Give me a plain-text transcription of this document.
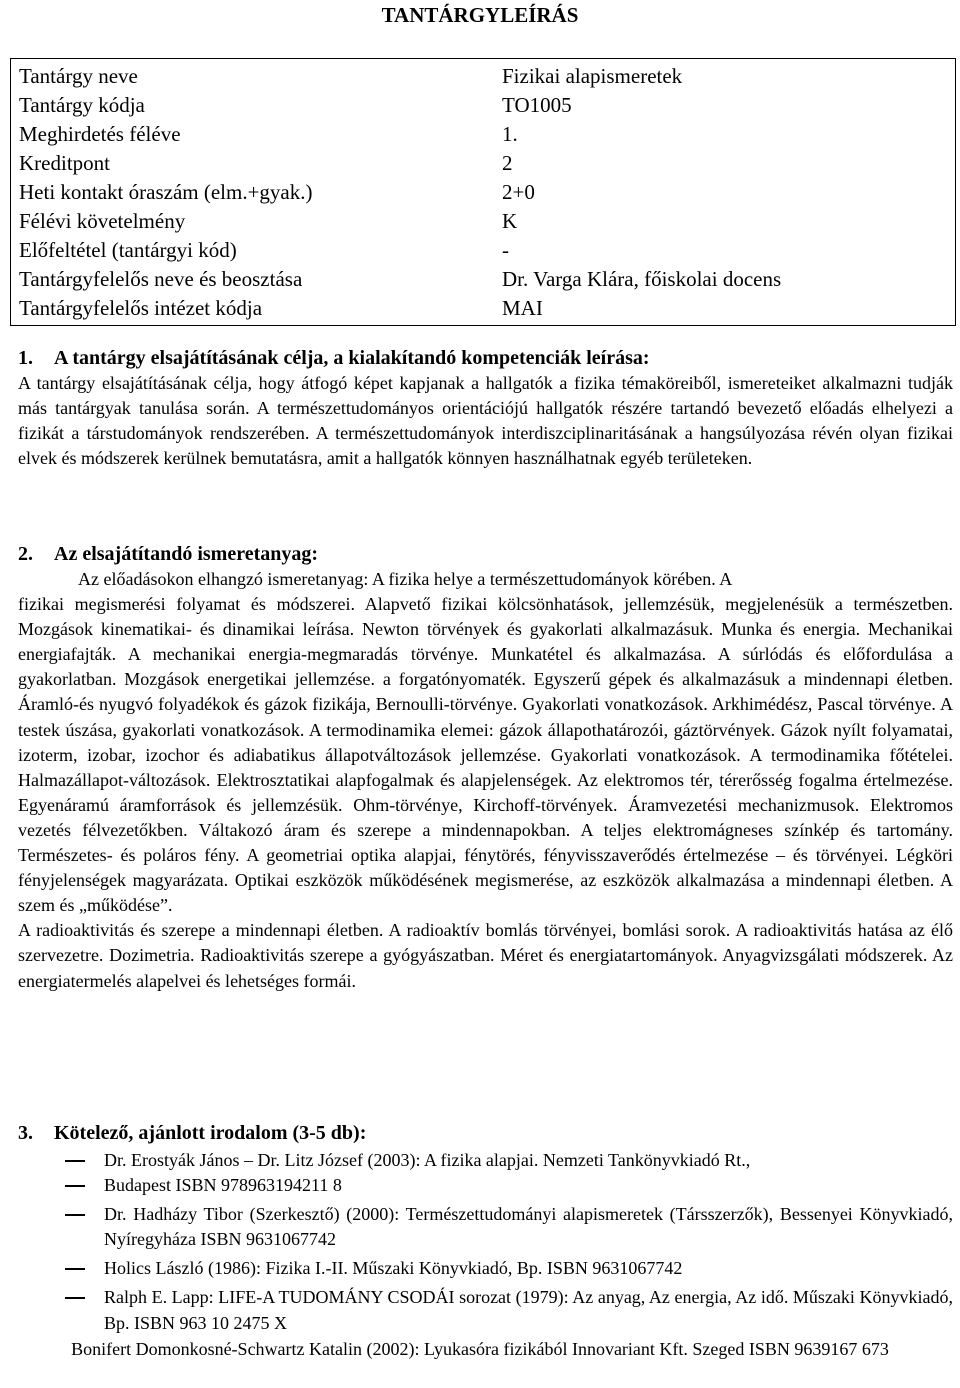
TANTÁRGYLEÍRÁS
Tantárgy neve	Fizikai alapismeretek
Tantárgy kódja	TO1005
Meghirdetés féléve	1.
Kreditpont	2
Heti kontakt óraszám (elm.+gyak.)	2+0
Félévi követelmény	K
Előfeltétel (tantárgyi kód)	-
Tantárgyfelelős neve és beosztása	Dr. Varga Klára, főiskolai docens
Tantárgyfelelős intézet kódja	MAI
1. A tantárgy elsajátításának célja, a kialakítandó kompetenciák leírása:

A tantárgy elsajátításának célja, hogy átfogó képet kapjanak a hallgatók a fizika témaköreiből, ismereteiket alkalmazni tudják más tantárgyak tanulása során. A természettudományos orientációjú hallgatók részére tartandó bevezető előadás elhelyezi a fizikát a társtudományok rendszerében. A természettudományok interdiszciplinaritásának a hangsúlyozása révén olyan fizikai elvek és módszerek kerülnek bemutatásra, amit a hallgatók könnyen használhatnak egyéb területeken.

2. Az elsajátítandó ismeretanyag:

Az előadásokon elhangzó ismeretanyag: A fizika helye a természettudományok körében. A

fizikai megismerési folyamat és módszerei. Alapvető fizikai kölcsönhatások, jellemzésük, megjelenésük a természetben. Mozgások kinematikai- és dinamikai leírása. Newton törvények és gyakorlati alkalmazásuk. Munka és energia. Mechanikai energiafajták. A mechanikai energia-megmaradás törvénye. Munkatétel és alkalmazása. A súrlódás és előfordulása a gyakorlatban. Mozgások energetikai jellemzése. a forgatónyomaték. Egyszerű gépek és alkalmazásuk a mindennapi életben. Áramló-és nyugvó folyadékok és gázok fizikája, Bernoulli-törvénye. Gyakorlati vonatkozások. Arkhimédész, Pascal törvénye. A testek úszása, gyakorlati vonatkozások. A termodinamika elemei: gázok állapothatározói, gáztörvények. Gázok nyílt folyamatai, izoterm, izobar, izochor és adiabatikus állapotváltozások jellemzése. Gyakorlati vonatkozások. A termodinamika főtételei. Halmazállapot-változások. Elektrosztatikai alapfogalmak és alapjelenségek. Az elektromos tér, térerősség fogalma értelmezése. Egyenáramú áramforrások és jellemzésük. Ohm-törvénye, Kirchoff-törvények. Áramvezetési mechanizmusok. Elektromos vezetés félvezetőkben. Váltakozó áram és szerepe a mindennapokban. A teljes elektromágneses színkép és tartomány. Természetes- és poláros fény. A geometriai optika alapjai, fénytörés, fényvisszaverődés értelmezése – és törvényei. Légköri fényjelenségek magyarázata. Optikai eszközök működésének megismerése, az eszközök alkalmazása a mindennapi életben. A szem és „működése”.

A radioaktivitás és szerepe a mindennapi életben. A radioaktív bomlás törvényei, bomlási sorok. A radioaktivitás hatása az élő szervezetre. Dozimetria. Radioaktivitás szerepe a gyógyászatban. Méret és energiatartományok. Anyagvizsgálati módszerek. Az energiatermelés alapelvei és lehetséges formái.

3. Kötelező, ajánlott irodalom (3-5 db):
Dr. Erostyák János – Dr. Litz József (2003): A fizika alapjai. Nemzeti Tankönyvkiadó Rt.,
Budapest ISBN 978963194211 8
Dr. Hadházy Tibor (Szerkesztő) (2000): Természettudományi alapismeretek (Társszerzők), Bessenyei Könyvkiadó, Nyíregyháza ISBN 9631067742
Holics László (1986): Fizika I.-II. Műszaki Könyvkiadó, Bp. ISBN 9631067742
Ralph E. Lapp: LIFE-A TUDOMÁNY CSODÁI sorozat (1979): Az anyag, Az energia, Az idő. Műszaki Könyvkiadó, Bp. ISBN 963 10 2475 X
Bonifert Domonkosné-Schwartz Katalin (2002): Lyukasóra fizikából Innovariant Kft. Szeged ISBN 9639167 673
